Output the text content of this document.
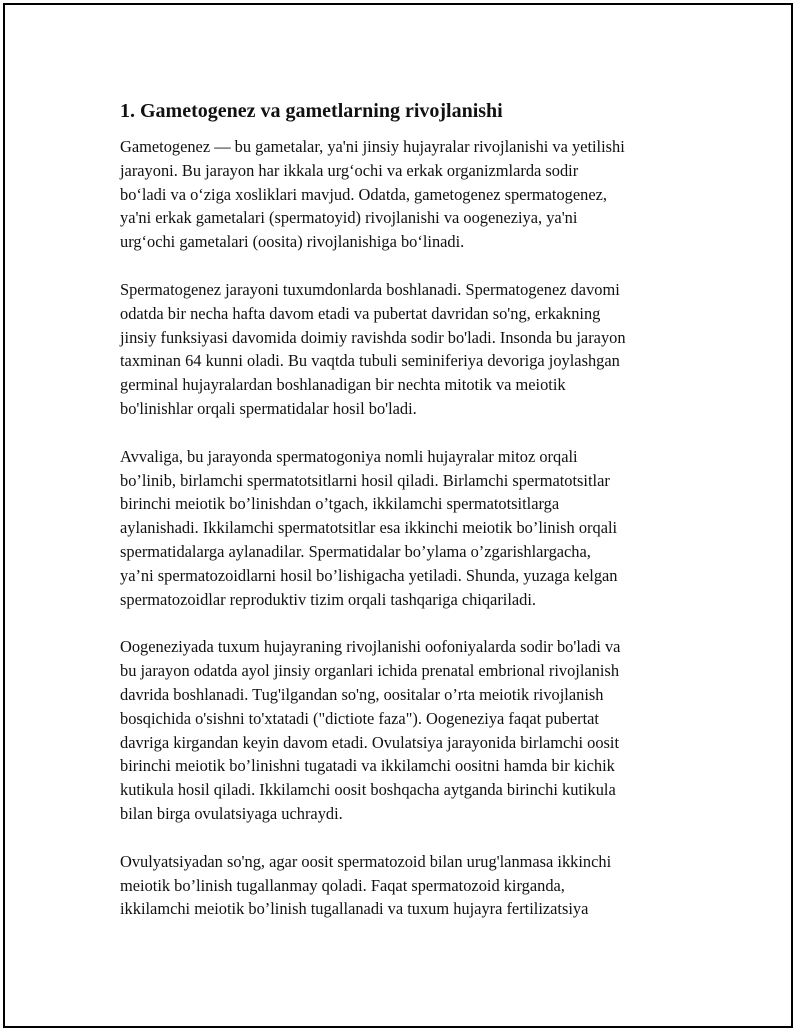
1. Gametogenez va gametlarning rivojlanishi
Gametogenez — bu gametalar, ya'ni jinsiy hujayralar rivojlanishi va yetilishi
jarayoni. Bu jarayon har ikkala urg‘ochi va erkak organizmlarda sodir
bo‘ladi va o‘ziga xosliklari mavjud. Odatda, gametogenez spermatogenez,
ya'ni erkak gametalari (spermatoyid) rivojlanishi va oogeneziya, ya'ni
urg‘ochi gametalari (oosita) rivojlanishiga bo‘linadi.
Spermatogenez jarayoni tuxumdonlarda boshlanadi. Spermatogenez davomi
odatda bir necha hafta davom etadi va pubertat davridan so'ng, erkakning
jinsiy funksiyasi davomida doimiy ravishda sodir bo'ladi. Insonda bu jarayon
taxminan 64 kunni oladi. Bu vaqtda tubuli seminiferiya devoriga joylashgan
germinal hujayralardan boshlanadigan bir nechta mitotik va meiotik
bo'linishlar orqali spermatidalar hosil bo'ladi.
Avvaliga, bu jarayonda spermatogoniya nomli hujayralar mitoz orqali
bo’linib, birlamchi spermatotsitlarni hosil qiladi. Birlamchi spermatotsitlar
birinchi meiotik bo’linishdan o’tgach, ikkilamchi spermatotsitlarga
aylanishadi. Ikkilamchi spermatotsitlar esa ikkinchi meiotik bo’linish orqali
spermatidalarga aylanadilar. Spermatidalar bo’ylama o’zgarishlargacha,
ya’ni spermatozoidlarni hosil bo’lishigacha yetiladi. Shunda, yuzaga kelgan
spermatozoidlar reproduktiv tizim orqali tashqariga chiqariladi.
Oogeneziyada tuxum hujayraning rivojlanishi oofoniyalarda sodir bo'ladi va
bu jarayon odatda ayol jinsiy organlari ichida prenatal embrional rivojlanish
davrida boshlanadi. Tug'ilgandan so'ng, oositalar o’rta meiotik rivojlanish
bosqichida o'sishni to'xtatadi ("dictiote faza"). Oogeneziya faqat pubertat
davriga kirgandan keyin davom etadi. Ovulatsiya jarayonida birlamchi oosit
birinchi meiotik bo’linishni tugatadi va ikkilamchi oositni hamda bir kichik
kutikula hosil qiladi. Ikkilamchi oosit boshqacha aytganda birinchi kutikula
bilan birga ovulatsiyaga uchraydi.
Ovulyatsiyadan so'ng, agar oosit spermatozoid bilan urug'lanmasa ikkinchi
meiotik bo’linish tugallanmay qoladi. Faqat spermatozoid kirganda,
ikkilamchi meiotik bo’linish tugallanadi va tuxum hujayra fertilizatsiya
